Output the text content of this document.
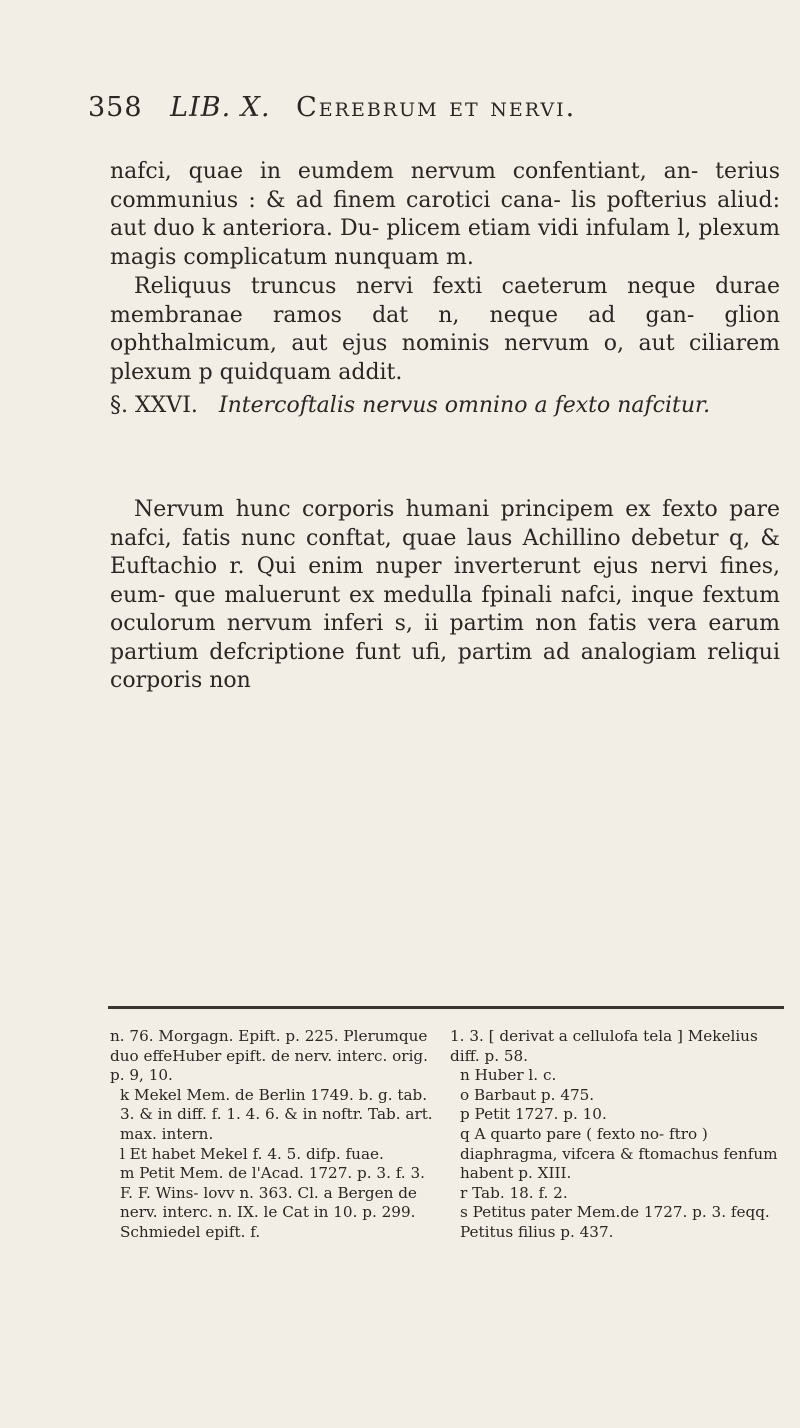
358 LIB. X. Cerebrum et nervi.

nafci, quae in eumdem nervum confentiant, an- terius communius : & ad finem carotici cana- lis pofterius aliud: aut duo k anteriora. Du- plicem etiam vidi infulam l, plexum magis complicatum nunquam m.

Reliquus truncus nervi fexti caeterum neque durae membranae ramos dat n, neque ad gan- glion ophthalmicum, aut ejus nominis nervum o, aut ciliarem plexum p quidquam addit.

§. XXVI. Intercoftalis nervus omnino a fexto nafcitur.

Nervum hunc corporis humani principem ex fexto pare nafci, fatis nunc conftat, quae laus Achillino debetur q, & Euftachio r. Qui enim nuper inverterunt ejus nervi fines, eum- que maluerunt ex medulla fpinali nafci, inque fextum oculorum nervum inferi s, ii partim non fatis vera earum partium defcriptione funt ufi, partim ad analogiam reliqui corporis non

n. 76. Morgagn. Epift. p. 225. Plerumque duo effeHuber epift. de nerv. interc. orig. p. 9, 10.

k Mekel Mem. de Berlin 1749. b. g. tab. 3. & in diff. f. 1. 4. 6. & in noftr. Tab. art. max. intern.

l Et habet Mekel f. 4. 5. difp. fuae.

m Petit Mem. de l'Acad. 1727. p. 3. f. 3. F. F. Wins- lovv n. 363. Cl. a Bergen de nerv. interc. n. IX. le Cat in 10. p. 299. Schmiedel epift. f.

1. 3. [ derivat a cellulofa tela ] Mekelius diff. p. 58.

n Huber l. c.

o Barbaut p. 475.

p Petit 1727. p. 10.

q A quarto pare ( fexto no- ftro ) diaphragma, vifcera & ftomachus fenfum habent p. XIII.

r Tab. 18. f. 2.

s Petitus pater Mem.de 1727. p. 3. feqq. Petitus filius p. 437.
